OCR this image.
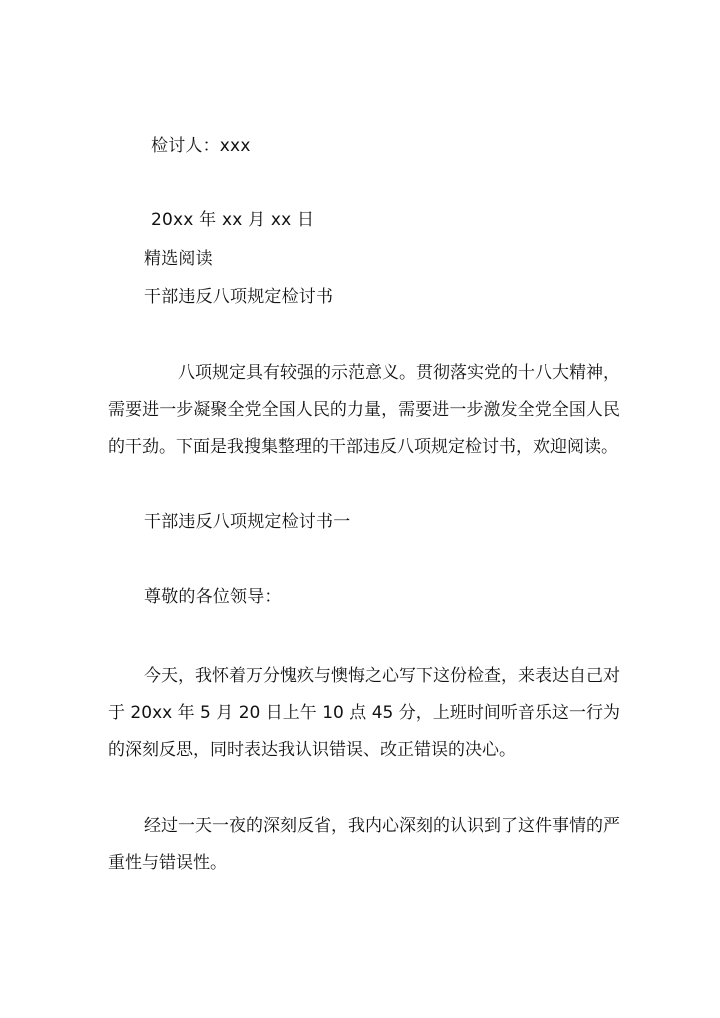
检讨人：xxx
20xx 年 xx 月 xx 日
精选阅读
干部违反八项规定检讨书
八项规定具有较强的示范意义。贯彻落实党的十八大精神，需要进一步凝聚全党全国人民的力量，需要进一步激发全党全国人民的干劲。下面是我搜集整理的干部违反八项规定检讨书，欢迎阅读。
干部违反八项规定检讨书一
尊敬的各位领导：
今天，我怀着万分愧疚与懊悔之心写下这份检查，来表达自己对于 20xx 年 5 月 20 日上午 10 点 45 分，上班时间听音乐这一行为的深刻反思，同时表达我认识错误、改正错误的决心。
经过一天一夜的深刻反省，我内心深刻的认识到了这件事情的严重性与错误性。
